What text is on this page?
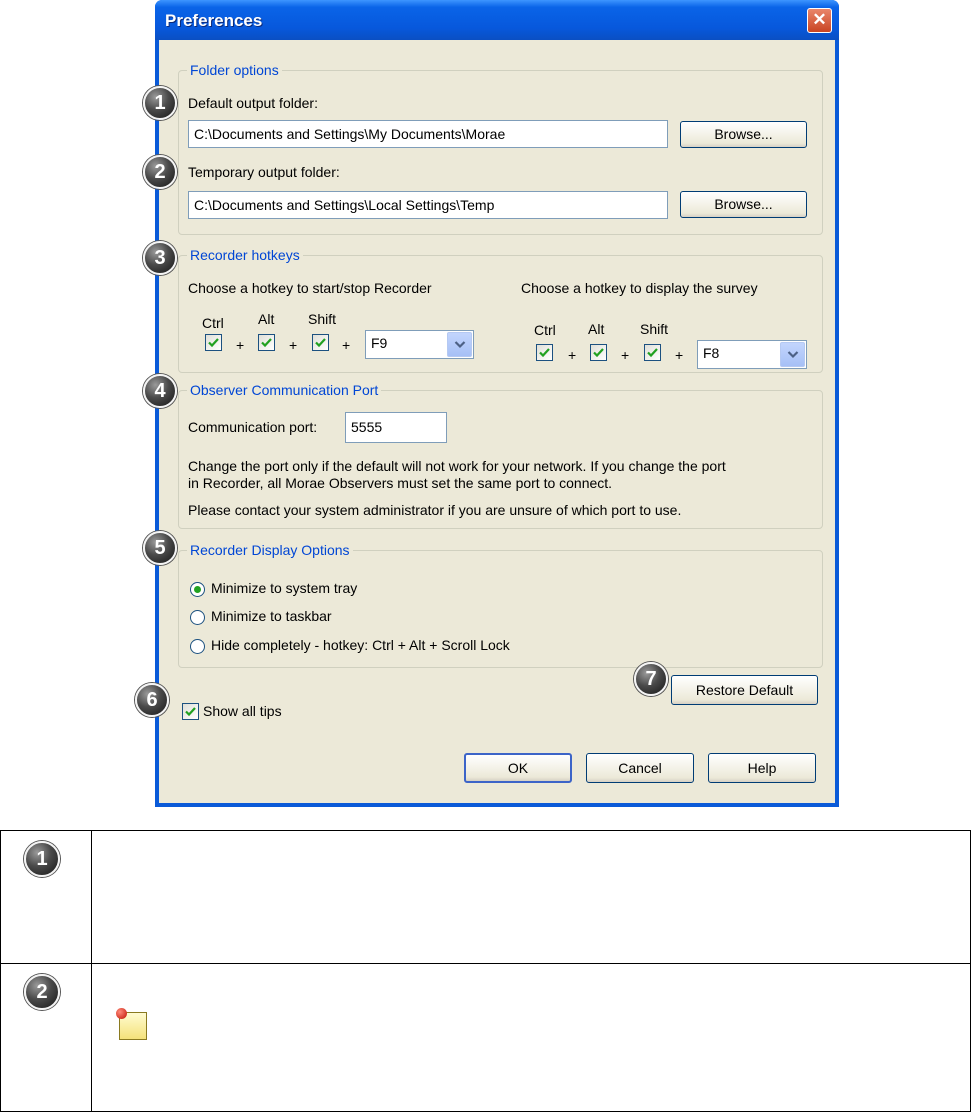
Preferences	✕
Folder options
Default output folder:
C:\Documents and Settings\My Documents\Morae	Browse...
Temporary output folder:
C:\Documents and Settings\Local Settings\Temp	Browse...
Recorder hotkeys
Choose a hotkey to start/stop Recorder	Choose a hotkey to display the survey
Ctrl Alt Shift
+	+	+ F9
Ctrl Alt	Shift
+	+	+ F8
Observer Communication Port
Communication port:	5555
Change the port only if the default will not work for your network. If you change the port
in Recorder, all Morae Observers must set the same port to connect.
Please contact your system administrator if you are unsure of which port to use.
Recorder Display Options
Minimize to system tray
Minimize to taskbar
Hide completely - hotkey: Ctrl + Alt + Scroll Lock
Show all tips
Restore Default
OK	Cancel	Help
1
2
3
4
5
6
7
1
2
